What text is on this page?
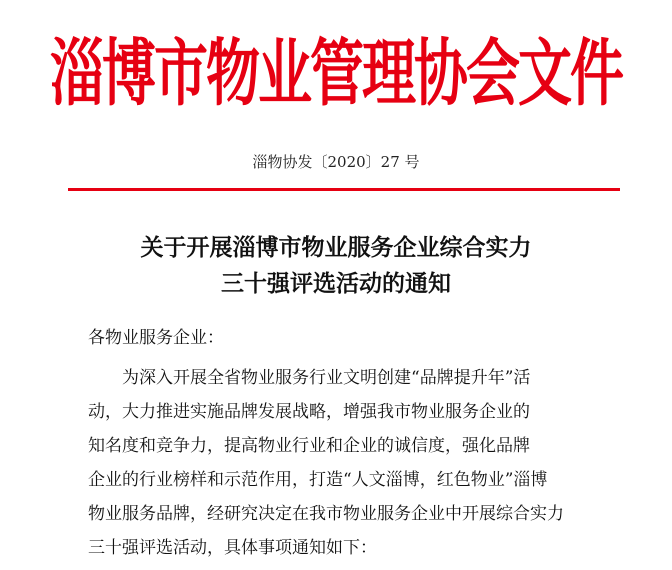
淄博市物业管理协会文件
淄物协发〔2020〕27 号
关于开展淄博市物业服务企业综合实力
三十强评选活动的通知
各物业服务企业：
为深入开展全省物业服务行业文明创建“品牌提升年”活
动，大力推进实施品牌发展战略，增强我市物业服务企业的
知名度和竞争力，提高物业行业和企业的诚信度，强化品牌
企业的行业榜样和示范作用，打造“人文淄博，红色物业”淄博
物业服务品牌，经研究决定在我市物业服务企业中开展综合实力
三十强评选活动，具体事项通知如下：
